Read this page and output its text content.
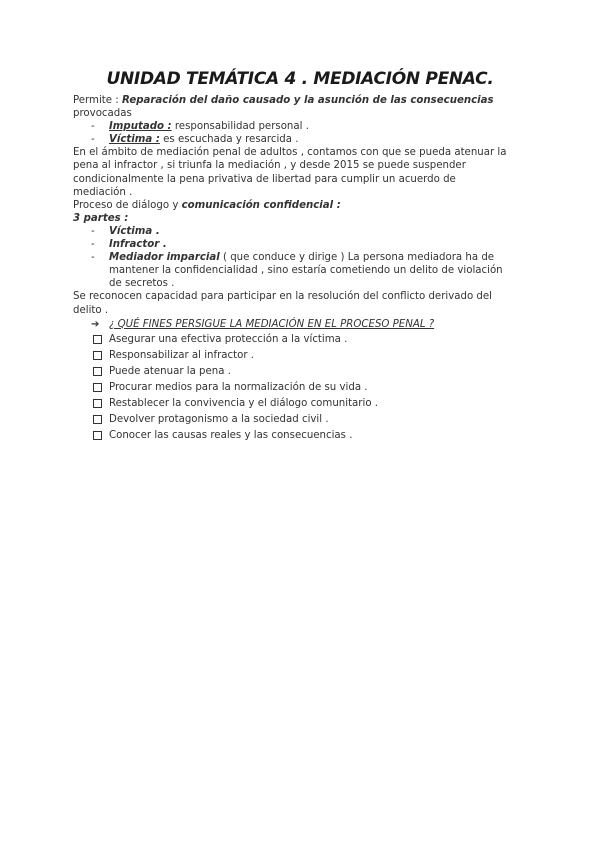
UNIDAD TEMÁTICA 4 . MEDIACIÓN PENAC.
Permite : Reparación del daño causado y la asunción de las consecuencias
provocadas
- Imputado : responsabilidad personal .
- Víctima : es escuchada y resarcida .
En el ámbito de mediación penal de adultos , contamos con que se pueda atenuar la
pena al infractor , si triunfa la mediación , y desde 2015 se puede suspender
condicionalmente la pena privativa de libertad para cumplir un acuerdo de
mediación .
Proceso de diálogo y comunicación confidencial :
3 partes :
- Víctima .
- Infractor .
- Mediador imparcial ( que conduce y dirige ) La persona mediadora ha de
mantener la confidencialidad , sino estaría cometiendo un delito de violación
de secretos .
Se reconocen capacidad para participar en la resolución del conflicto derivado del
delito .
➔ ¿ QUÉ FINES PERSIGUE LA MEDIACIÓN EN EL PROCESO PENAL ?
Asegurar una efectiva protección a la víctima .
Responsabilizar al infractor .
Puede atenuar la pena .
Procurar medios para la normalización de su vida .
Restablecer la convivencia y el diálogo comunitario .
Devolver protagonismo a la sociedad civil .
Conocer las causas reales y las consecuencias .
